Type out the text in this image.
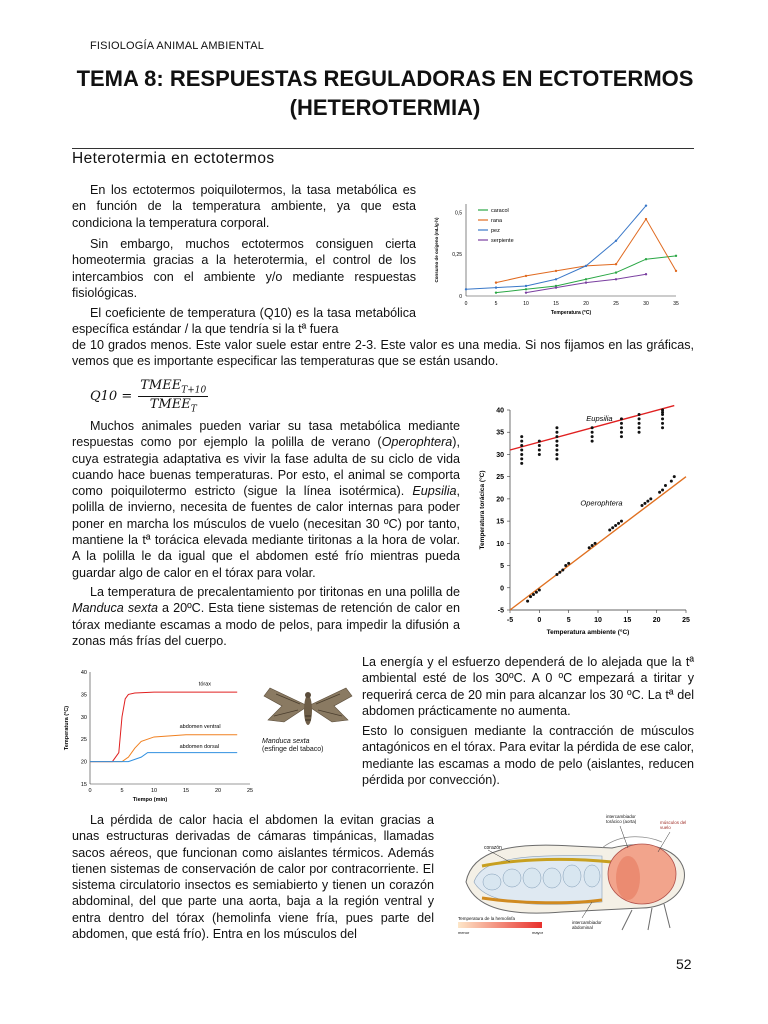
FISIOLOGÍA ANIMAL AMBIENTAL
TEMA 8: RESPUESTAS REGULADORAS EN ECTOTERMOS
(HETEROTERMIA)
Heterotermia en ectotermos
En los ectotermos poiquilotermos, la tasa metabólica es en función de la temperatura ambiente, ya que esta condiciona la temperatura corporal.
Sin embargo, muchos ectotermos consiguen cierta homeotermia gracias a la heterotermia, el control de los intercambios con el ambiente y/o mediante respuestas fisiológicas.
El coeficiente de temperatura (Q10) es la tasa metabólica específica estándar / la que tendría si la tª fuera
de 10 grados menos. Este valor suele estar entre 2-3. Este valor es una media. Si nos fijamos en las gráficas, vemos que es importante especificar las temperaturas que se están usando.
Q10 =
$TMEE_{T+10}$
$TMEE_T$
Muchos animales pueden variar su tasa metabólica mediante respuestas como por ejemplo la polilla de verano (Operophtera), cuya estrategia adaptativa es vivir la fase adulta de su ciclo de vida cuando hace buenas temperaturas. Por esto, el animal se comporta como poiquilotermo estricto (sigue la línea isotérmica). Eupsilia, polilla de invierno, necesita de fuentes de calor internas para poder poner en marcha los músculos de vuelo (necesitan 30 ºC) por tanto, mantiene la tª torácica elevada mediante tiritonas a la hora de volar. A la polilla le da igual que el abdomen esté frío mientras pueda guardar algo de calor en el tórax para volar.
La temperatura de precalentamiento por tiritonas en una polilla de Manduca sexta a 20ºC. Esta tiene sistemas de retención de calor en tórax mediante escamas a modo de pelos, para impedir la difusión a zonas más frías del cuerpo.
La energía y el esfuerzo dependerá de lo alejada que la tª ambiental esté de los 30ºC. A 0 ºC empezará a tiritar y requerirá cerca de 20 min para alcanzar los 30 ºC. La tª del abdomen prácticamente no aumenta.
Esto lo consiguen mediante la contracción de músculos antagónicos en el tórax. Para evitar la pérdida de ese calor, mediante las escamas a modo de pelo (aislantes, reducen pérdida por convección).
La pérdida de calor hacia el abdomen la evitan gracias a unas estructuras derivadas de cámaras timpánicas, llamadas sacos aéreos, que funcionan como aislantes térmicos. Además tienen sistemas de conservación de calor por contracorriente. El sistema circulatorio insectos es semiabierto y tienen un corazón abdominal, del que parte una aorta, baja a la región ventral y entra dentro del tórax (hemolinfa viene fría, pues parte del abdomen, que está frío). Entra en los músculos del
0	5	10	15	20	25	30	35
0
0,25
0,5
Temperatura (°C)
Consumo de oxígeno (mL/g·h)
caracol
rana
pez
serpiente
-5	0	5	10	15	20	25
-5
0
5
10
15
20
25
30
35
40
Temperatura ambiente (°C)
Temperatura torácica (°C)
Eupsilia
Operophtera
0	5	10	15	20	25
15
20
25
30
35
40
Tiempo (min)
Temperatura (°C)
tórax
abdomen ventral
abdomen dorsal
Manduca sexta
(esfinge del tabaco)
corazón
intercambiador torácico (aorta)	músculos del vuelo
intercambiador abdominal
Temperatura de la hemolinfa
menor	mayor
52
